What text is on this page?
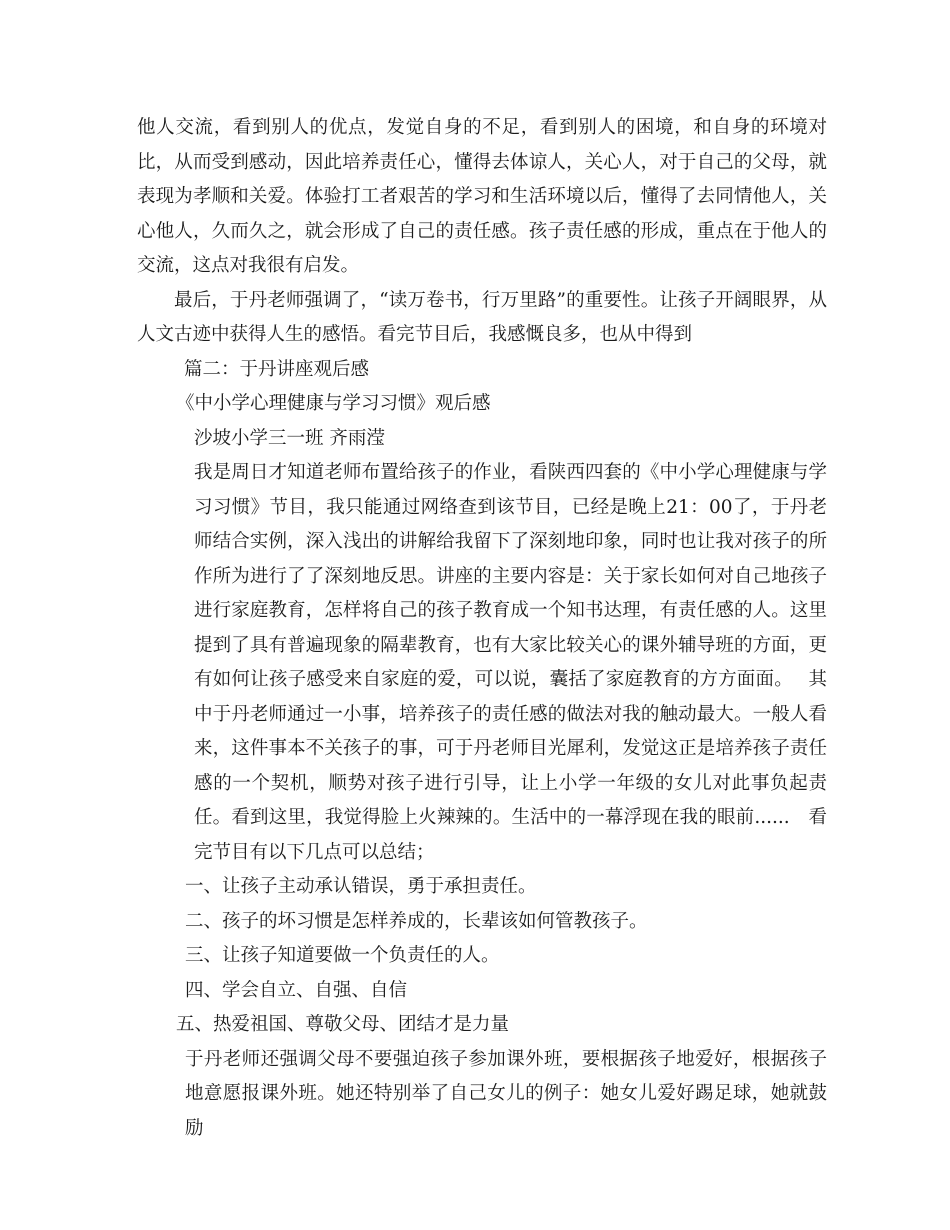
他人交流，看到别人的优点，发觉自身的不足，看到别人的困境，和自身的环境对比，从而受到感动，因此培养责任心，懂得去体谅人，关心人，对于自己的父母，就表现为孝顺和关爱。体验打工者艰苦的学习和生活环境以后，懂得了去同情他人，关心他人，久而久之，就会形成了自己的责任感。孩子责任感的形成，重点在于他人的交流，这点对我很有启发。

最后，于丹老师强调了，“读万卷书，行万里路”的重要性。让孩子开阔眼界，从人文古迹中获得人生的感悟。看完节目后，我感慨良多，也从中得到

篇二：于丹讲座观后感

《中小学心理健康与学习习惯》观后感

沙坡小学三一班 齐雨滢

我是周日才知道老师布置给孩子的作业，看陕西四套的《中小学心理健康与学习习惯》节目，我只能通过网络查到该节目，已经是晚上21：00了，于丹老师结合实例，深入浅出的讲解给我留下了深刻地印象，同时也让我对孩子的所作所为进行了了深刻地反思。讲座的主要内容是：关于家长如何对自己地孩子进行家庭教育，怎样将自己的孩子教育成一个知书达理，有责任感的人。这里提到了具有普遍现象的隔辈教育，也有大家比较关心的课外辅导班的方面，更有如何让孩子感受来自家庭的爱，可以说，囊括了家庭教育的方方面面。　 其中于丹老师通过一小事，培养孩子的责任感的做法对我的触动最大。一般人看来，这件事本不关孩子的事，可于丹老师目光犀利，发觉这正是培养孩子责任感的一个契机，顺势对孩子进行引导，让上小学一年级的女儿对此事负起责任。看到这里，我觉得脸上火辣辣的。生活中的一幕浮现在我的眼前......　看完节目有以下几点可以总结；

一、让孩子主动承认错误，勇于承担责任。

二、孩子的坏习惯是怎样养成的，长辈该如何管教孩子。

三、让孩子知道要做一个负责任的人。

四、学会自立、自强、自信

五、热爱祖国、尊敬父母、团结才是力量

于丹老师还强调父母不要强迫孩子参加课外班，要根据孩子地爱好，根据孩子地意愿报课外班。她还特别举了自己女儿的例子：她女儿爱好踢足球，她就鼓励
